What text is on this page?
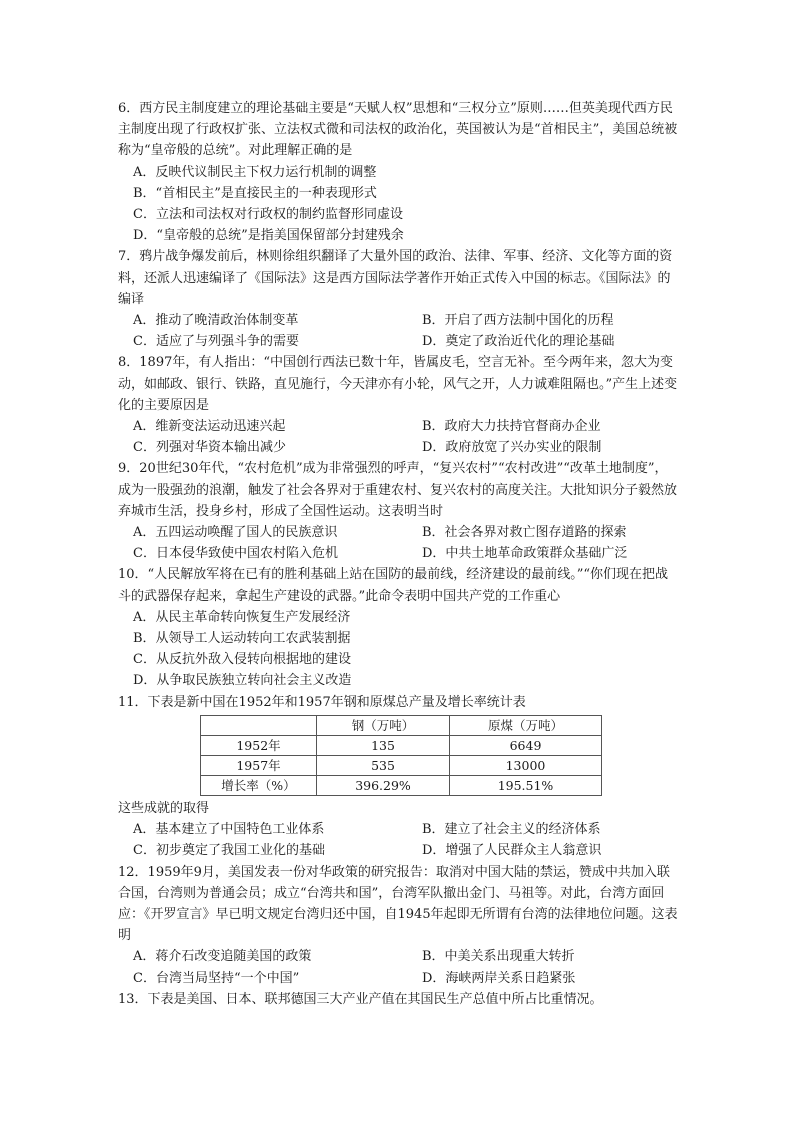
6．西方民主制度建立的理论基础主要是“天赋人权”思想和“三权分立”原则……但英美现代西方民主制度出现了行政权扩张、立法权式微和司法权的政治化，英国被认为是“首相民主”，美国总统被称为“皇帝般的总统”。对此理解正确的是

A．反映代议制民主下权力运行机制的调整
B．“首相民主”是直接民主的一种表现形式
C．立法和司法权对行政权的制约监督形同虚设
D．“皇帝般的总统”是指美国保留部分封建残余

7．鸦片战争爆发前后，林则徐组织翻译了大量外国的政治、法律、军事、经济、文化等方面的资料，还派人迅速编译了《国际法》这是西方国际法学著作开始正式传入中国的标志。《国际法》的编译

A．推动了晚清政治体制变革	B．开启了西方法制中国化的历程
C．适应了与列强斗争的需要	D．奠定了政治近代化的理论基础

8．1897年，有人指出：“中国创行西法已数十年，皆属皮毛，空言无补。至今两年来，忽大为变动，如邮政、银行、铁路，直见施行，今天津亦有小轮，风气之开，人力诚难阻隔也。”产生上述变化的主要原因是

A．维新变法运动迅速兴起	B．政府大力扶持官督商办企业
C．列强对华资本输出减少	D．政府放宽了兴办实业的限制

9．20世纪30年代，“农村危机”成为非常强烈的呼声，“复兴农村”“农村改进”“改革土地制度”，成为一股强劲的浪潮，触发了社会各界对于重建农村、复兴农村的高度关注。大批知识分子毅然放弃城市生活，投身乡村，形成了全国性运动。这表明当时

A．五四运动唤醒了国人的民族意识	B．社会各界对救亡图存道路的探索
C．日本侵华致使中国农村陷入危机	D．中共土地革命政策群众基础广泛

10．“人民解放军将在已有的胜利基础上站在国防的最前线，经济建设的最前线。”“你们现在把战斗的武器保存起来，拿起生产建设的武器。”此命令表明中国共产党的工作重心

A．从民主革命转向恢复生产发展经济
B．从领导工人运动转向工农武装割据
C．从反抗外敌入侵转向根据地的建设
D．从争取民族独立转向社会主义改造

11．下表是新中国在1952年和1957年钢和原煤总产量及增长率统计表

	钢（万吨）	原煤（万吨）
1952年	135	6649
1957年	535	13000
增长率（%）	396.29%	195.51%
这些成就的取得
A．基本建立了中国特色工业体系	B．建立了社会主义的经济体系
C．初步奠定了我国工业化的基础	D．增强了人民群众主人翁意识

12．1959年9月，美国发表一份对华政策的研究报告：取消对中国大陆的禁运，赞成中共加入联合国，台湾则为普通会员；成立“台湾共和国”，台湾军队撤出金门、马祖等。对此，台湾方面回应：《开罗宣言》早已明文规定台湾归还中国，自1945年起即无所谓有台湾的法律地位问题。这表明

A．蒋介石改变追随美国的政策	B．中美关系出现重大转折
C．台湾当局坚持“一个中国”	D．海峡两岸关系日趋紧张

13．下表是美国、日本、联邦德国三大产业产值在其国民生产总值中所占比重情况。
